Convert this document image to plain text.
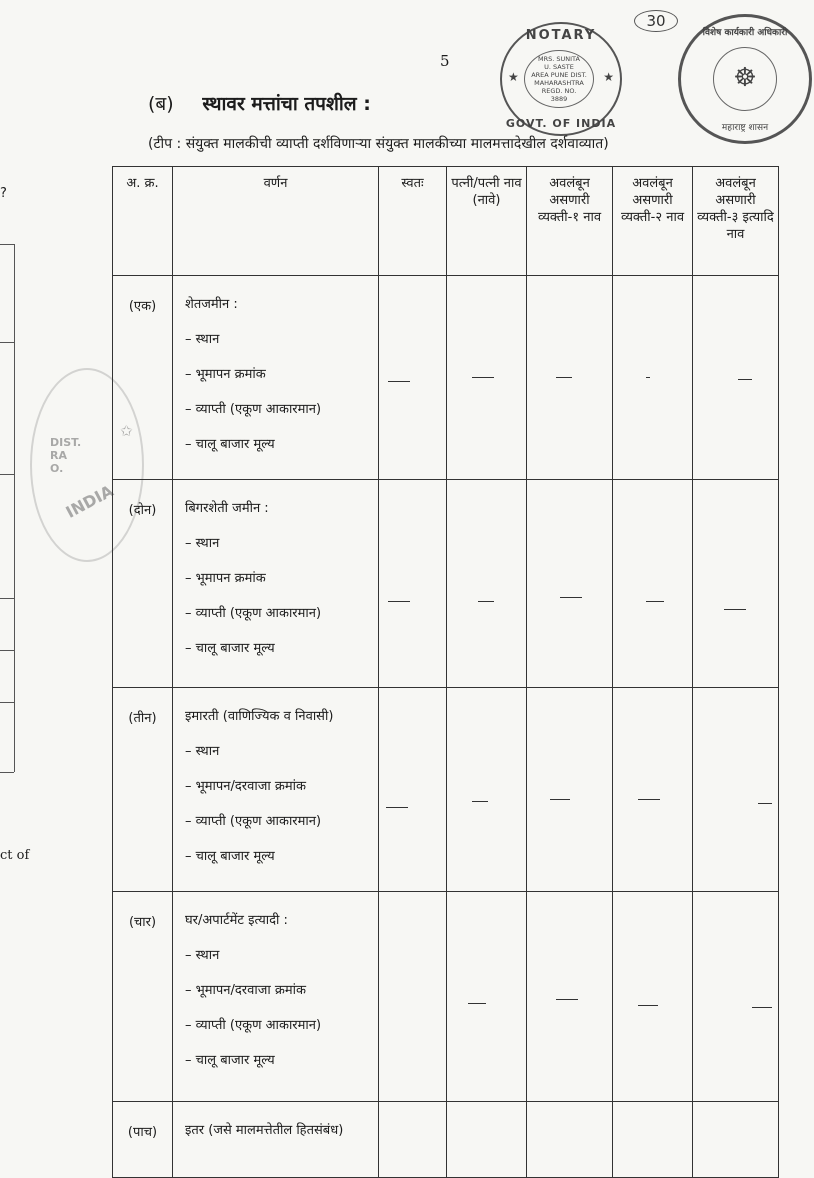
5
30
NOTARY
★	★
MRS. SUNITA
U. SASTE
AREA PUNE DIST.
MAHARASHTRA
REGD. NO.
3889
GOVT. OF INDIA
विशेष कार्यकारी अधिकारी
☸
महाराष्ट्र शासन
DIST.
RA
O.
✩
INDIA
?
ct of
(ब) स्थावर मत्तांचा तपशील :
(टीप : संयुक्त मालकीची व्याप्ती दर्शविणाऱ्या संयुक्त मालकीच्या मालमत्तादेखील दर्शवाव्यात)
अ. क्र.	वर्णन	स्वतः	पत्नी/पत्नी नाव (नावे)	अवलंबून असणारी व्यक्ती-१ नाव	अवलंबून असणारी व्यक्ती-२ नाव	अवलंबून असणारी व्यक्ती-३ इत्यादि नाव
(एक)	शेतजमीन :
– स्थान
– भूमापन क्रमांक
– व्याप्ती (एकूण आकारमान)
– चालू बाजार मूल्य					

(दोन)	बिगरशेती जमीन :
– स्थान
– भूमापन क्रमांक
– व्याप्ती (एकूण आकारमान)
– चालू बाजार मूल्य					

(तीन)	इमारती (वाणिज्यिक व निवासी)
– स्थान
– भूमापन/दरवाजा क्रमांक
– व्याप्ती (एकूण आकारमान)
– चालू बाजार मूल्य					

(चार)	घर/अपार्टमेंट इत्यादी :
– स्थान
– भूमापन/दरवाजा क्रमांक
– व्याप्ती (एकूण आकारमान)
– चालू बाजार मूल्य					

(पाच)	इतर (जसे मालमत्तेतील हितसंबंध)					
